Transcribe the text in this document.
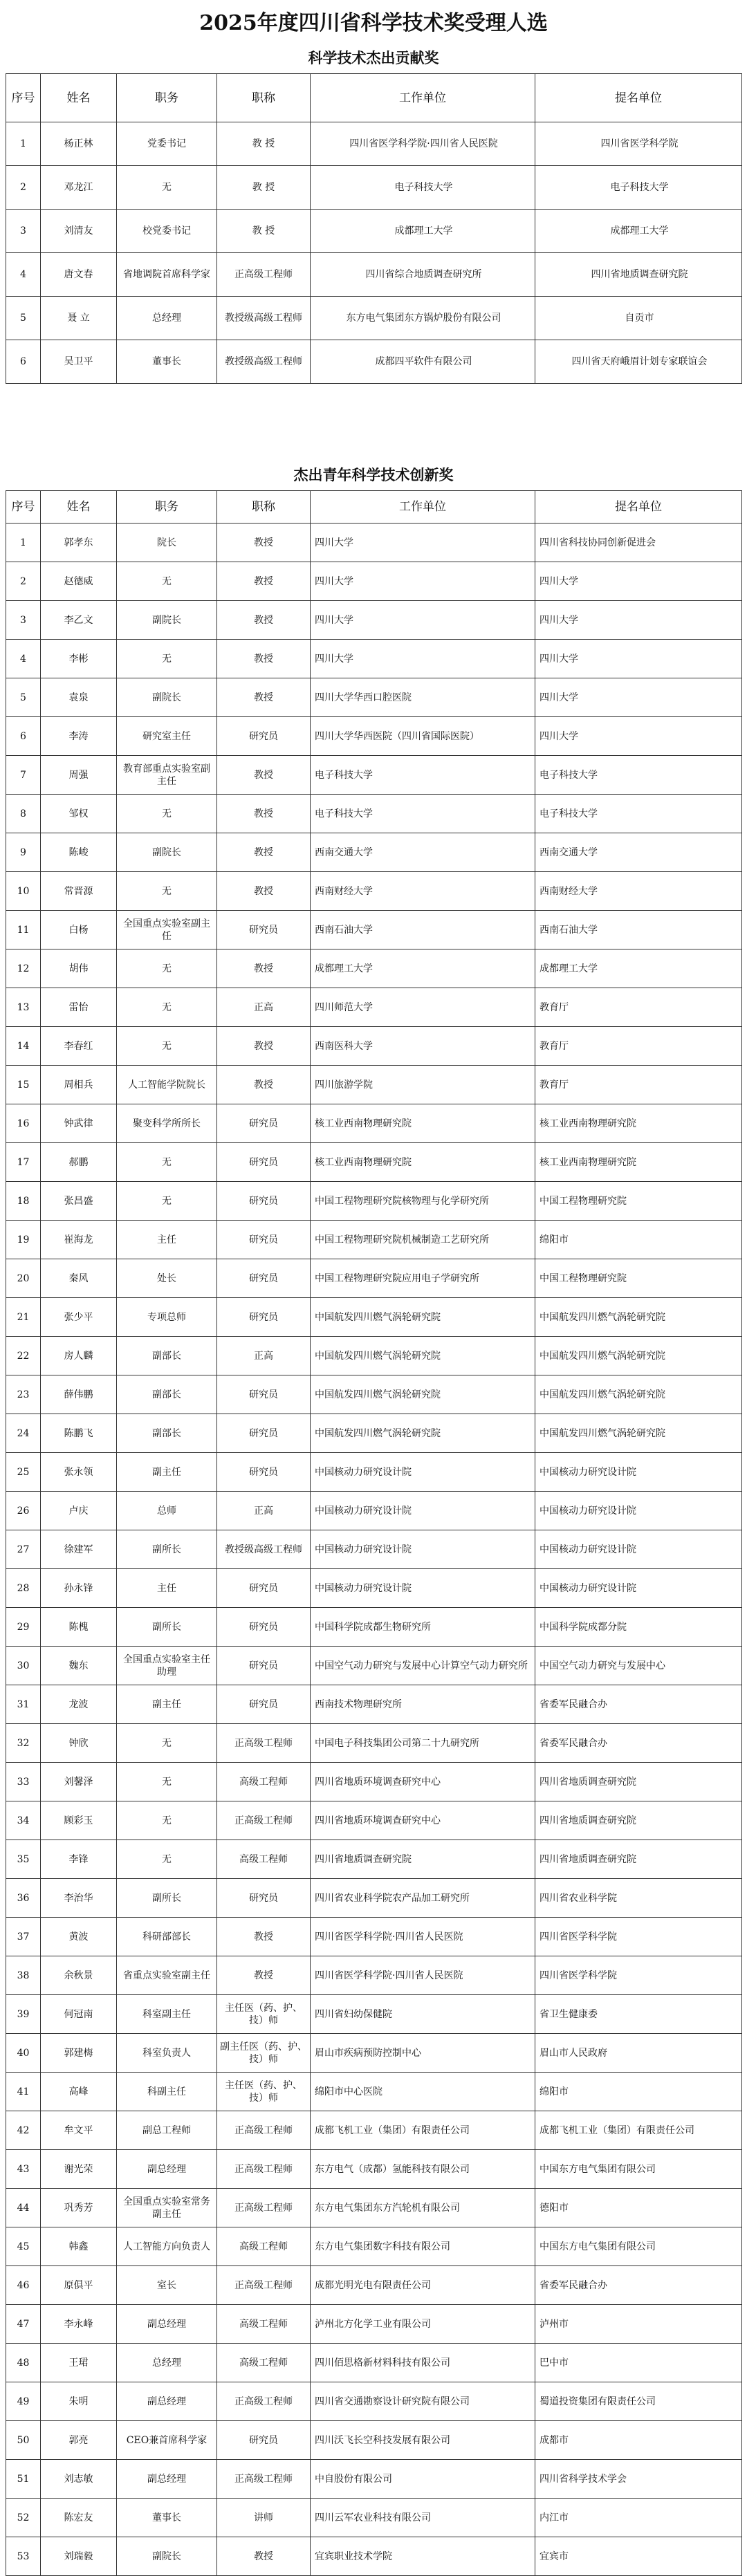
2025年度四川省科学技术奖受理人选
科学技术杰出贡献奖
序号	姓名	职务	职称	工作单位	提名单位
1	杨正林	党委书记	教 授	四川省医学科学院·四川省人民医院	四川省医学科学院
2	邓龙江	无	教 授	电子科技大学	电子科技大学
3	刘清友	校党委书记	教 授	成都理工大学	成都理工大学
4	唐文春	省地调院首席科学家	正高级工程师	四川省综合地质调查研究所	四川省地质调查研究院
5	聂 立	总经理	教授级高级工程师	东方电气集团东方锅炉股份有限公司	自贡市
6	吴卫平	董事长	教授级高级工程师	成都四平软件有限公司	四川省天府峨眉计划专家联谊会
杰出青年科学技术创新奖
序号	姓名	职务	职称	工作单位	提名单位
1	郭孝东	院长	教授	四川大学	四川省科技协同创新促进会
2	赵德威	无	教授	四川大学	四川大学
3	李乙文	副院长	教授	四川大学	四川大学
4	李彬	无	教授	四川大学	四川大学
5	袁泉	副院长	教授	四川大学华西口腔医院	四川大学
6	李涛	研究室主任	研究员	四川大学华西医院（四川省国际医院）	四川大学
7	周强	教育部重点实验室副主任	教授	电子科技大学	电子科技大学
8	邹权	无	教授	电子科技大学	电子科技大学
9	陈峻	副院长	教授	西南交通大学	西南交通大学
10	常晋源	无	教授	西南财经大学	西南财经大学
11	白杨	全国重点实验室副主任	研究员	西南石油大学	西南石油大学
12	胡伟	无	教授	成都理工大学	成都理工大学
13	雷怡	无	正高	四川师范大学	教育厅
14	李春红	无	教授	西南医科大学	教育厅
15	周相兵	人工智能学院院长	教授	四川旅游学院	教育厅
16	钟武律	聚变科学所所长	研究员	核工业西南物理研究院	核工业西南物理研究院
17	郝鹏	无	研究员	核工业西南物理研究院	核工业西南物理研究院
18	张昌盛	无	研究员	中国工程物理研究院核物理与化学研究所	中国工程物理研究院
19	崔海龙	主任	研究员	中国工程物理研究院机械制造工艺研究所	绵阳市
20	秦风	处长	研究员	中国工程物理研究院应用电子学研究所	中国工程物理研究院
21	张少平	专项总师	研究员	中国航发四川燃气涡轮研究院	中国航发四川燃气涡轮研究院
22	房人麟	副部长	正高	中国航发四川燃气涡轮研究院	中国航发四川燃气涡轮研究院
23	薛伟鹏	副部长	研究员	中国航发四川燃气涡轮研究院	中国航发四川燃气涡轮研究院
24	陈鹏飞	副部长	研究员	中国航发四川燃气涡轮研究院	中国航发四川燃气涡轮研究院
25	张永领	副主任	研究员	中国核动力研究设计院	中国核动力研究设计院
26	卢庆	总师	正高	中国核动力研究设计院	中国核动力研究设计院
27	徐建军	副所长	教授级高级工程师	中国核动力研究设计院	中国核动力研究设计院
28	孙永锋	主任	研究员	中国核动力研究设计院	中国核动力研究设计院
29	陈槐	副所长	研究员	中国科学院成都生物研究所	中国科学院成都分院
30	魏东	全国重点实验室主任助理	研究员	中国空气动力研究与发展中心计算空气动力研究所	中国空气动力研究与发展中心
31	龙波	副主任	研究员	西南技术物理研究所	省委军民融合办
32	钟欣	无	正高级工程师	中国电子科技集团公司第二十九研究所	省委军民融合办
33	刘馨泽	无	高级工程师	四川省地质环境调查研究中心	四川省地质调查研究院
34	顾彩玉	无	正高级工程师	四川省地质环境调查研究中心	四川省地质调查研究院
35	李锋	无	高级工程师	四川省地质调查研究院	四川省地质调查研究院
36	李治华	副所长	研究员	四川省农业科学院农产品加工研究所	四川省农业科学院
37	黄波	科研部部长	教授	四川省医学科学院·四川省人民医院	四川省医学科学院
38	余秋景	省重点实验室副主任	教授	四川省医学科学院·四川省人民医院	四川省医学科学院
39	何冠南	科室副主任	主任医（药、护、技）师	四川省妇幼保健院	省卫生健康委
40	郭建梅	科室负责人	副主任医（药、护、技）师	眉山市疾病预防控制中心	眉山市人民政府
41	高峰	科副主任	主任医（药、护、技）师	绵阳市中心医院	绵阳市
42	牟文平	副总工程师	正高级工程师	成都飞机工业（集团）有限责任公司	成都飞机工业（集团）有限责任公司
43	谢光荣	副总经理	正高级工程师	东方电气（成都）氢能科技有限公司	中国东方电气集团有限公司
44	巩秀芳	全国重点实验室常务副主任	正高级工程师	东方电气集团东方汽轮机有限公司	德阳市
45	韩鑫	人工智能方向负责人	高级工程师	东方电气集团数字科技有限公司	中国东方电气集团有限公司
46	原俱平	室长	正高级工程师	成都光明光电有限责任公司	省委军民融合办
47	李永峰	副总经理	高级工程师	泸州北方化学工业有限公司	泸州市
48	王珺	总经理	高级工程师	四川佰思格新材料科技有限公司	巴中市
49	朱明	副总经理	正高级工程师	四川省交通勘察设计研究院有限公司	蜀道投资集团有限责任公司
50	郭亮	CEO兼首席科学家	研究员	四川沃飞长空科技发展有限公司	成都市
51	刘志敏	副总经理	正高级工程师	中自股份有限公司	四川省科学技术学会
52	陈宏友	董事长	讲师	四川云军农业科技有限公司	内江市
53	刘瑞毅	副院长	教授	宜宾职业技术学院	宜宾市
